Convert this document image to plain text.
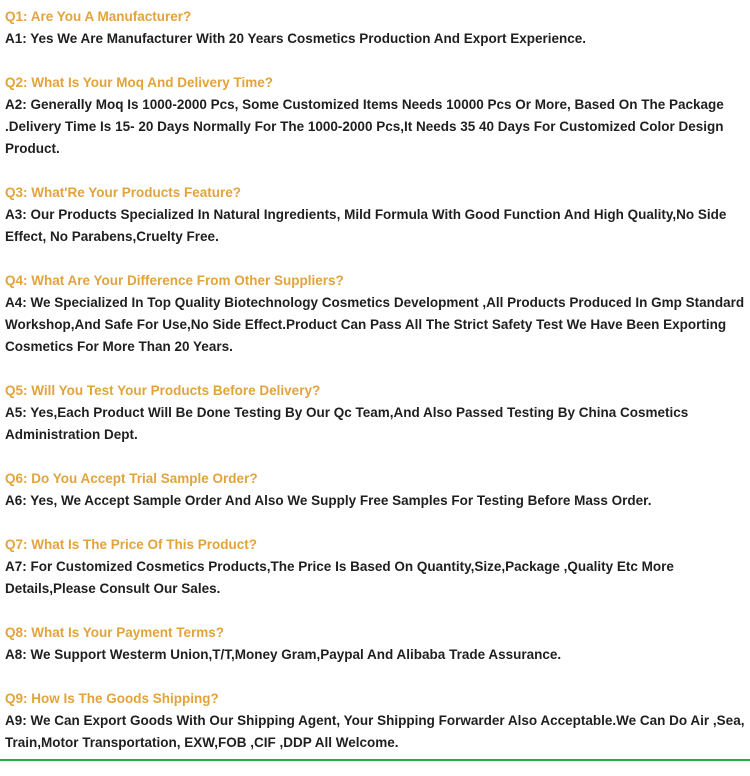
Q1: Are You A Manufacturer?

A1: Yes We Are Manufacturer With 20 Years Cosmetics Production And Export Experience.

Q2: What Is Your Moq And Delivery Time?

A2: Generally Moq Is 1000-2000 Pcs, Some Customized Items Needs 10000 Pcs Or More, Based On The Package .Delivery Time Is 15- 20 Days Normally For The 1000-2000 Pcs,It Needs 35 40 Days For Customized Color Design Product.

Q3: What'Re Your Products Feature?

A3: Our Products Specialized In Natural Ingredients, Mild Formula With Good Function And High Quality,No Side Effect, No Parabens,Cruelty Free.

Q4: What Are Your Difference From Other Suppliers?

A4: We Specialized In Top Quality Biotechnology Cosmetics Development ,All Products Produced In Gmp Standard Workshop,And Safe For Use,No Side Effect.Product Can Pass All The Strict Safety Test We Have Been Exporting Cosmetics For More Than 20 Years.

Q5: Will You Test Your Products Before Delivery?

A5: Yes,Each Product Will Be Done Testing By Our Qc Team,And Also Passed Testing By China Cosmetics Administration Dept.

Q6: Do You Accept Trial Sample Order?

A6: Yes, We Accept Sample Order And Also We Supply Free Samples For Testing Before Mass Order.

Q7: What Is The Price Of This Product?

A7: For Customized Cosmetics Products,The Price Is Based On Quantity,Size,Package ,Quality Etc More Details,Please Consult Our Sales.

Q8: What Is Your Payment Terms?

A8: We Support Westerm Union,T/T,Money Gram,Paypal And Alibaba Trade Assurance.

Q9: How Is The Goods Shipping?

A9: We Can Export Goods With Our Shipping Agent, Your Shipping Forwarder Also Acceptable.We Can Do Air ,Sea, Train,Motor Transportation, EXW,FOB ,CIF ,DDP All Welcome.
